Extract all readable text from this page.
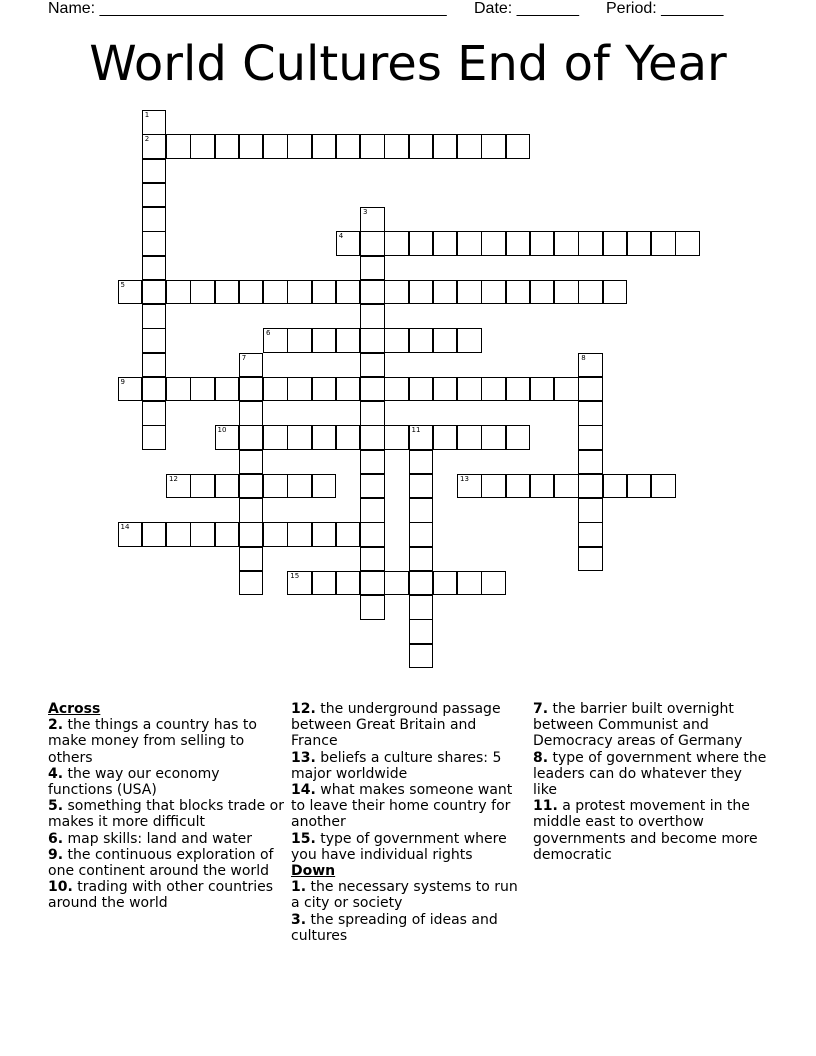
Name: _______________________________________ Date: _______ Period: _______
World Cultures End of Year
2
4
5
6
9
10	11
12	13
14
15
1
3
7	8

Across

2. the things a country has to make money from selling to others

4. the way our economy functions (USA)

5. something that blocks trade or makes it more difficult

6. map skills: land and water

9. the continuous exploration of one continent around the world

10. trading with other countries around the world

12. the underground passage between Great Britain and France

13. beliefs a culture shares: 5 major worldwide

14. what makes someone want to leave their home country for another

15. type of government where you have individual rights

Down

1. the necessary systems to run a city or society

3. the spreading of ideas and cultures

7. the barrier built overnight between Communist and Democracy areas of Germany

8. type of government where the leaders can do whatever they like

11. a protest movement in the middle east to overthow governments and become more democratic
